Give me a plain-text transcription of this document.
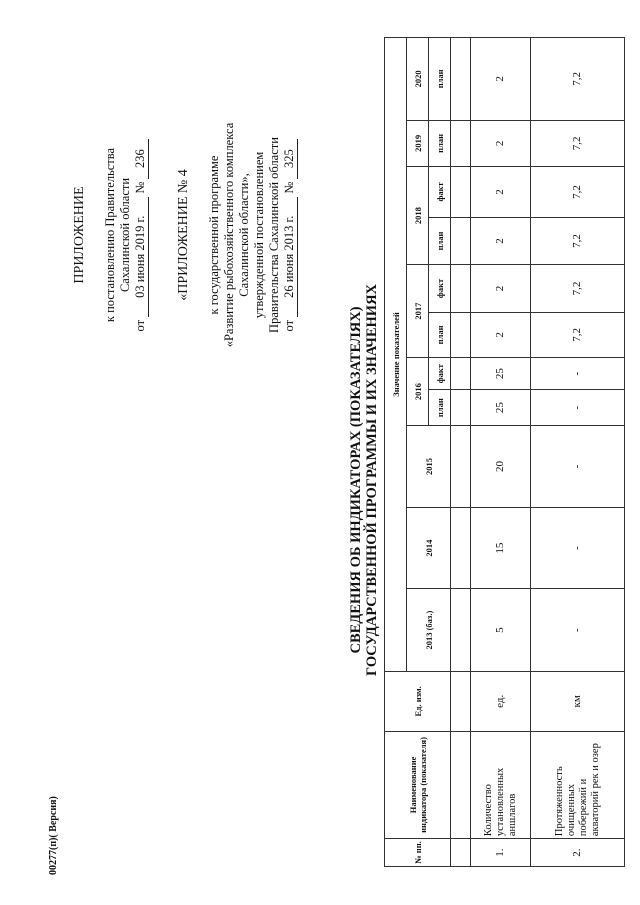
ПРИЛОЖЕНИЕ к постановлению Правительства Сахалинской области
от 03 июня 2019 г. № 236
«ПРИЛОЖЕНИЕ № 4 к государственной программе «Развитие рыбохозяйственного комплекса Сахалинской области», утвержденной постановлением Правительства Сахалинской области от 26 июня 2013 г. № 325
СВЕДЕНИЯ ОБ ИНДИКАТОРАХ (ПОКАЗАТЕЛЯХ) ГОСУДАРСТВЕННОЙ ПРОГРАММЫ И ИХ ЗНАЧЕНИЯХ
№ пп.	Наименование индикатора (показателя)	Ед. изм.	Значение показателей										
			2013 (баз.)	2014	2015	2016		2017		2018		2019	2020
						план	факт	план	факт	план	факт	план	план

1.	Количество установленных аншлагов	ед.	5	15	20	25	25	2	2	2	2	2	2
2.	Протяженность очищенных побережий и акваторий рек и озер	км	-	-	-	-	-	7,2	7,2	7,2	7,2	7,2	7,2
00277(п)( Версия)
